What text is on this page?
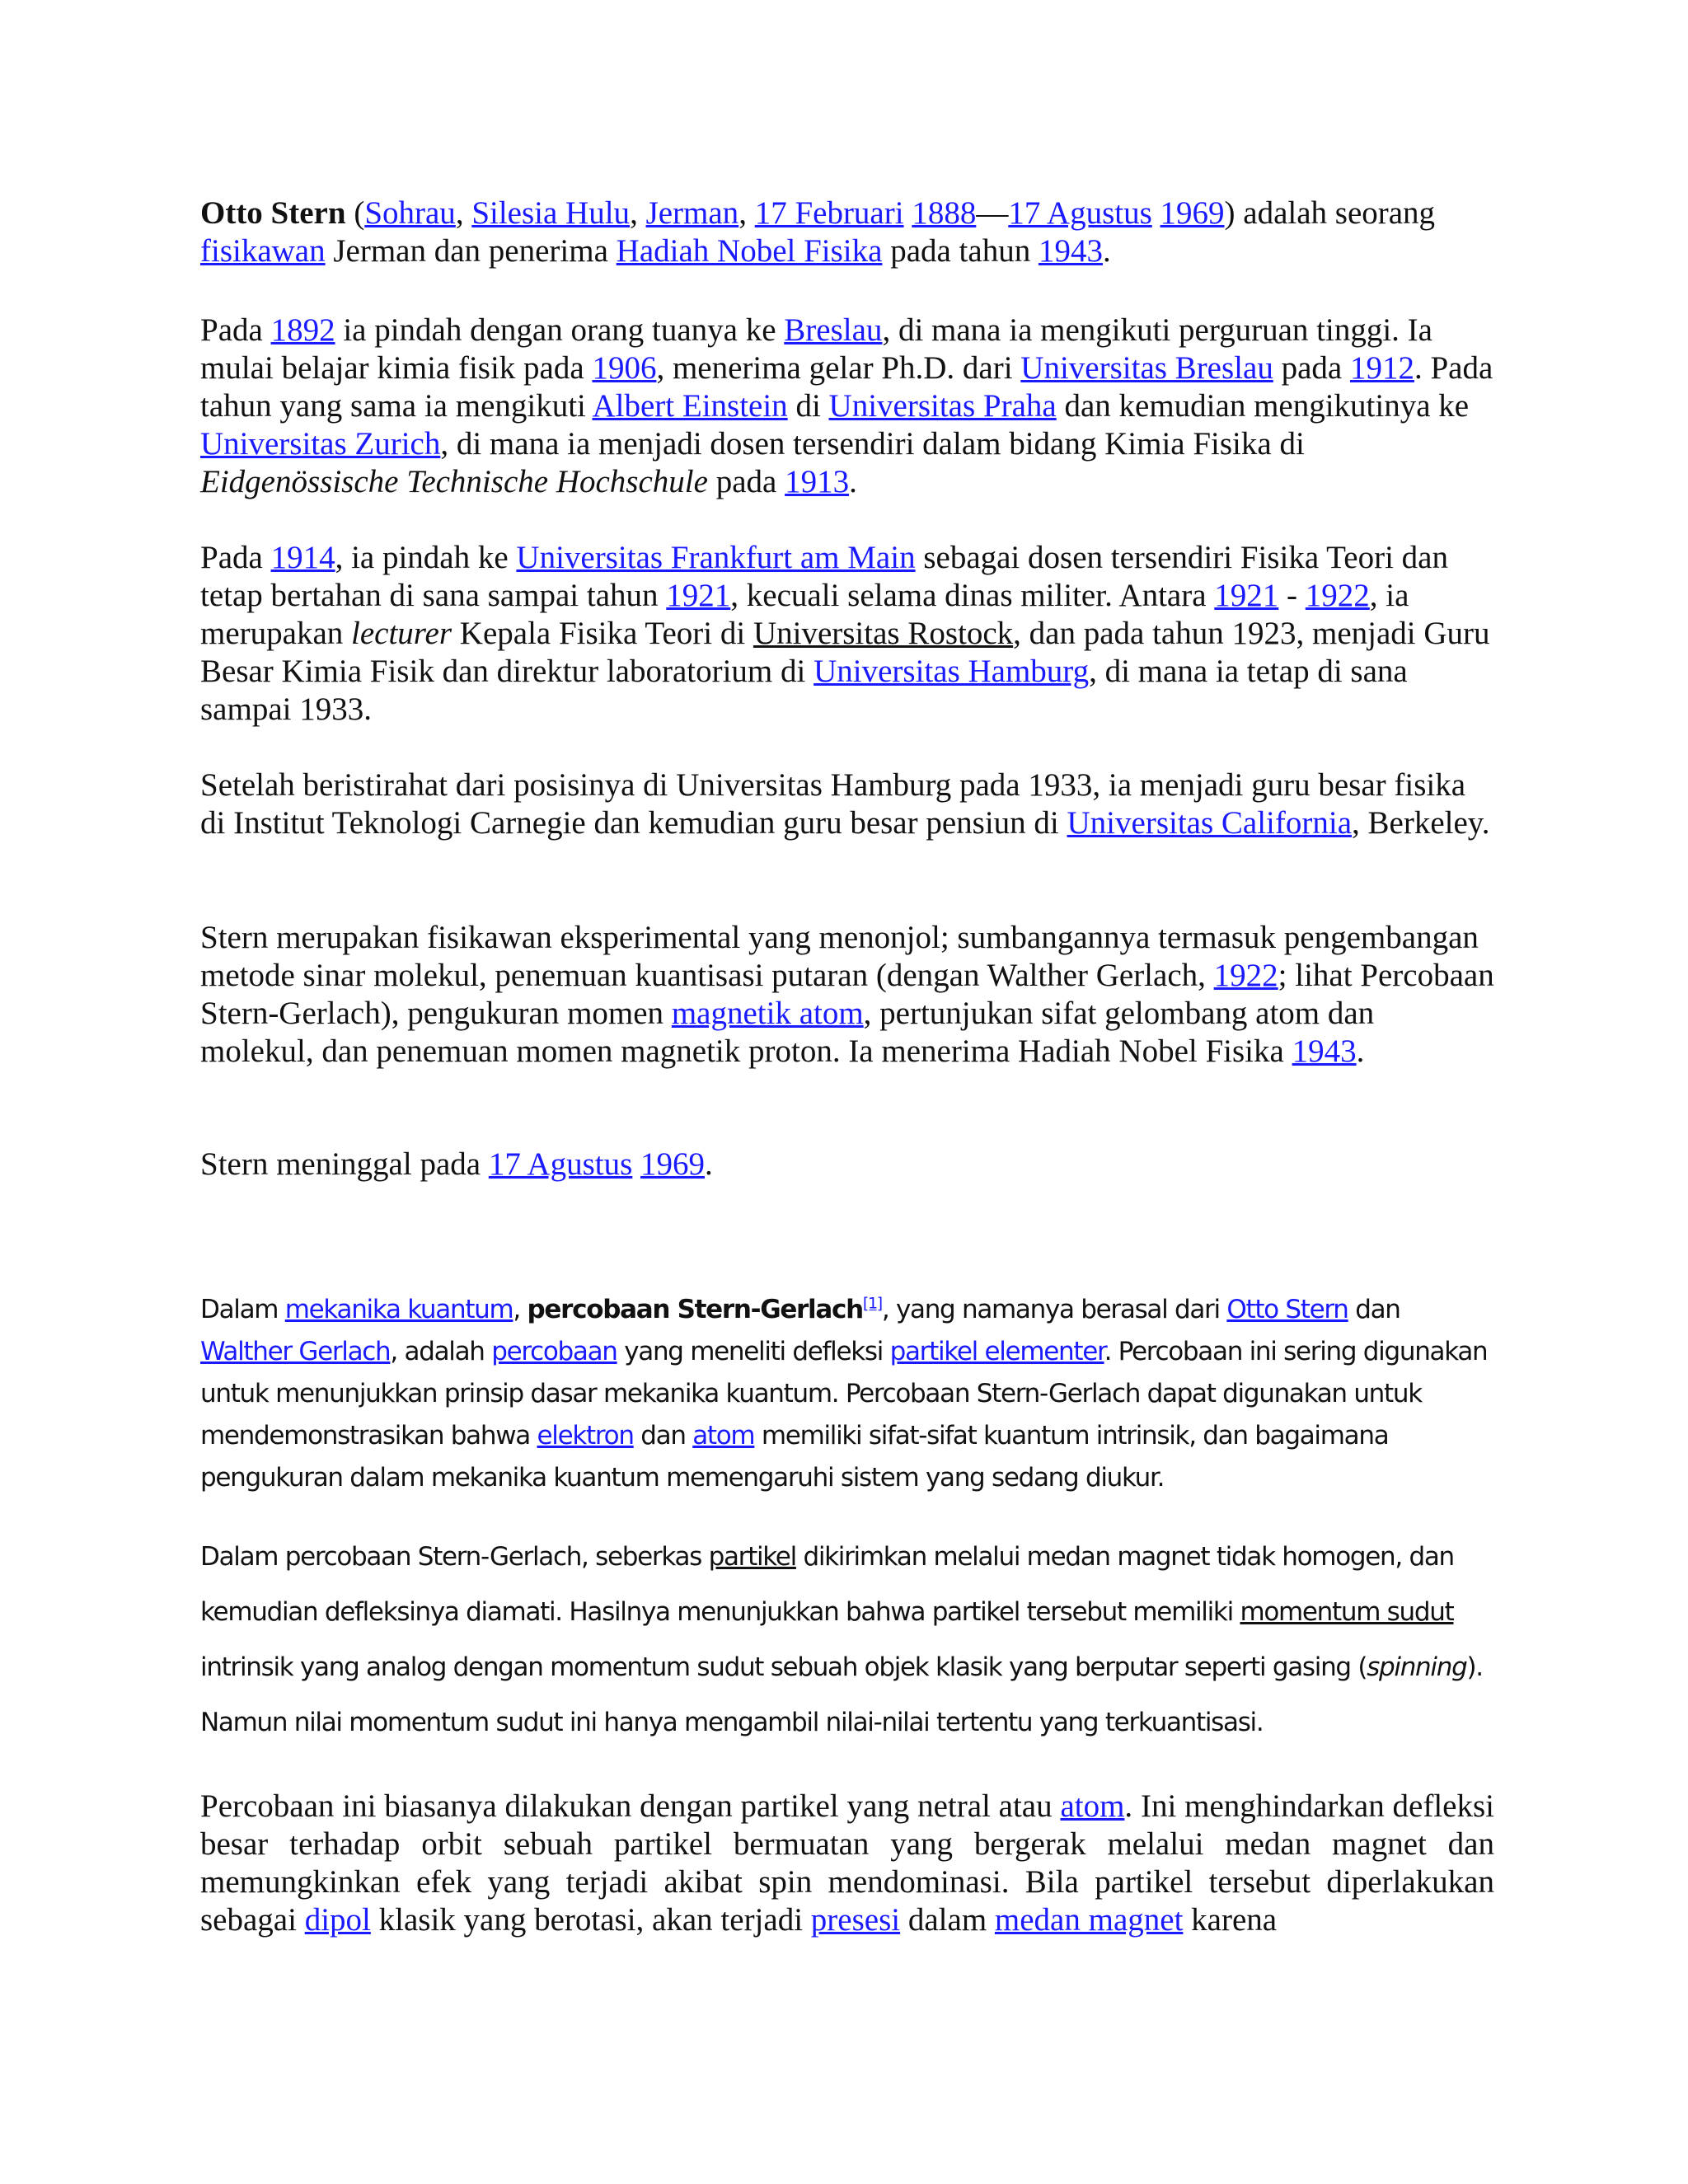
Otto Stern (Sohrau, Silesia Hulu, Jerman, 17 Februari 1888—17 Agustus 1969) adalah seorang fisikawan Jerman dan penerima Hadiah Nobel Fisika pada tahun 1943.

Pada 1892 ia pindah dengan orang tuanya ke Breslau, di mana ia mengikuti perguruan tinggi. Ia mulai belajar kimia fisik pada 1906, menerima gelar Ph.D. dari Universitas Breslau pada 1912. Pada tahun yang sama ia mengikuti Albert Einstein di Universitas Praha dan kemudian mengikutinya ke Universitas Zurich, di mana ia menjadi dosen tersendiri dalam bidang Kimia Fisika di Eidgenössische Technische Hochschule pada 1913.

Pada 1914, ia pindah ke Universitas Frankfurt am Main sebagai dosen tersendiri Fisika Teori dan tetap bertahan di sana sampai tahun 1921, kecuali selama dinas militer. Antara 1921 - 1922, ia merupakan lecturer Kepala Fisika Teori di Universitas Rostock, dan pada tahun 1923, menjadi Guru Besar Kimia Fisik dan direktur laboratorium di Universitas Hamburg, di mana ia tetap di sana sampai 1933.

Setelah beristirahat dari posisinya di Universitas Hamburg pada 1933, ia menjadi guru besar fisika di Institut Teknologi Carnegie dan kemudian guru besar pensiun di Universitas California, Berkeley.

Stern merupakan fisikawan eksperimental yang menonjol; sumbangannya termasuk pengembangan metode sinar molekul, penemuan kuantisasi putaran (dengan Walther Gerlach, 1922; lihat Percobaan Stern-Gerlach), pengukuran momen magnetik atom, pertunjukan sifat gelombang atom dan molekul, dan penemuan momen magnetik proton. Ia menerima Hadiah Nobel Fisika 1943.

Stern meninggal pada 17 Agustus 1969.

Dalam mekanika kuantum, percobaan Stern-Gerlach[1], yang namanya berasal dari Otto Stern dan Walther Gerlach, adalah percobaan yang meneliti defleksi partikel elementer. Percobaan ini sering digunakan untuk menunjukkan prinsip dasar mekanika kuantum. Percobaan Stern-Gerlach dapat digunakan untuk mendemonstrasikan bahwa elektron dan atom memiliki sifat-sifat kuantum intrinsik, dan bagaimana pengukuran dalam mekanika kuantum memengaruhi sistem yang sedang diukur.

Dalam percobaan Stern-Gerlach, seberkas partikel dikirimkan melalui medan magnet tidak homogen, dan kemudian defleksinya diamati. Hasilnya menunjukkan bahwa partikel tersebut memiliki momentum sudut intrinsik yang analog dengan momentum sudut sebuah objek klasik yang berputar seperti gasing (spinning). Namun nilai momentum sudut ini hanya mengambil nilai-nilai tertentu yang terkuantisasi.

Percobaan ini biasanya dilakukan dengan partikel yang netral atau atom. Ini menghindarkan defleksi besar terhadap orbit sebuah partikel bermuatan yang bergerak melalui medan magnet dan memungkinkan efek yang terjadi akibat spin mendominasi. Bila partikel tersebut diperlakukan sebagai dipol klasik yang berotasi, akan terjadi presesi dalam medan magnet karena
